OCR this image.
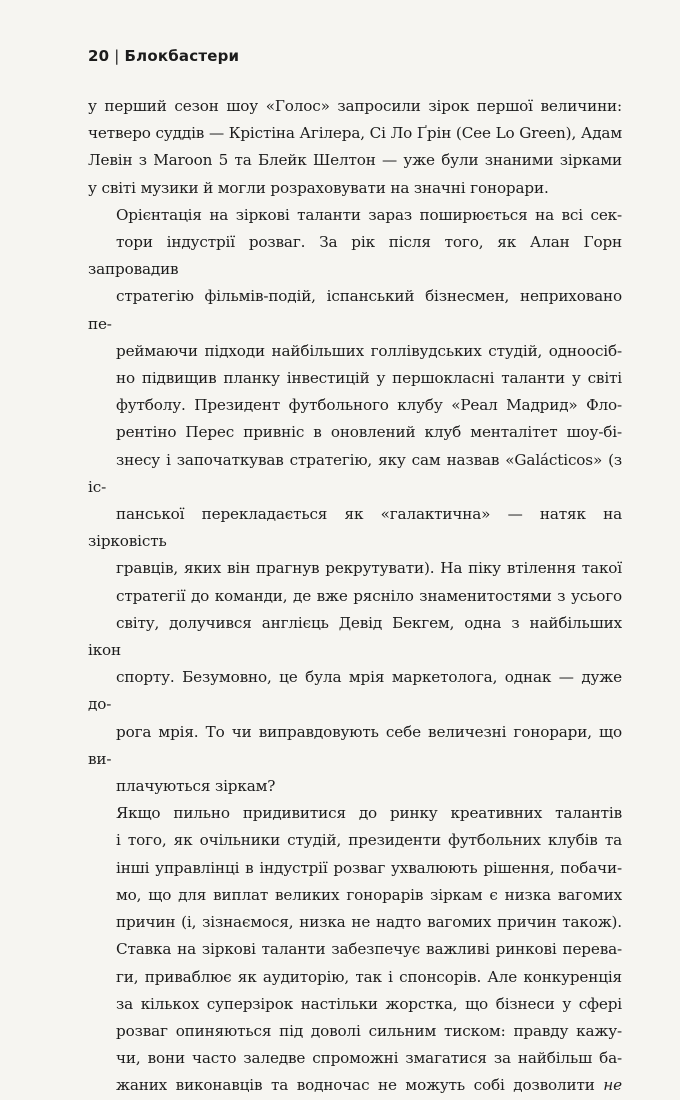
20 | Блокбастери

у перший сезон шоу «Голос» запросили зірок першої величини:
четверо суддів — Крістіна Агілера, Сі Ло Ґрін (Cee Lo Green), Адам
Левін з Maroon 5 та Блейк Шелтон — уже були знаними зірками
у світі музики й могли розраховувати на значні гонорари.

Орієнтація на зіркові таланти зараз поширюється на всі сек-
тори індустрії розваг. За рік після того, як Алан Горн запровадив
стратегію фільмів-подій, іспанський бізнесмен, неприховано пе-
реймаючи підходи найбільших голлівудських студій, одноосіб-
но підвищив планку інвестицій у першокласні таланти у світі
футболу. Президент футбольного клубу «Реал Мадрид» Фло-
рентіно Перес привніс в оновлений клуб менталітет шоу-бі-
знесу і започаткував стратегію, яку сам назвав «Galácticos» (з іс-
панської перекладається як «галактична» — натяк на зірковість
гравців, яких він прагнув рекрутувати). На піку втілення такої
стратегії до команди, де вже рясніло знаменитостями з усього
світу, долучився англієць Девід Бекгем, одна з найбільших ікон
спорту. Безумовно, це була мрія маркетолога, однак — дуже до-
рога мрія. То чи виправдовують себе величезні гонорари, що ви-
плачуються зіркам?

Якщо пильно придивитися до ринку креативних талантів
і того, як очільники студій, президенти футбольних клубів та
інші управлінці в індустрії розваг ухвалюють рішення, побачи-
мо, що для виплат великих гонорарів зіркам є низка вагомих
причин (і, зізнаємося, низка не надто вагомих причин також).
Ставка на зіркові таланти забезпечує важливі ринкові перева-
ги, приваблює як аудиторію, так і спонсорів. Але конкуренція
за кількох суперзірок настільки жорстка, що бізнеси у сфері
розваг опиняються під доволі сильним тиском: правду кажу-
чи, вони часто заледве спроможні змагатися за найбільш ба-
жаних виконавців та водночас не можуть собі дозволити не
